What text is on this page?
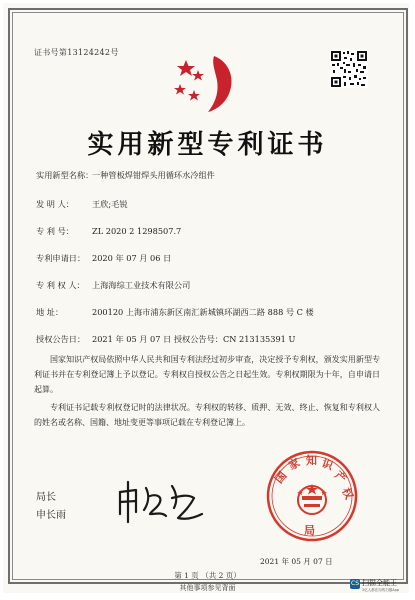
证书号第13124242号
实用新型专利证书
实用新型名称：一种管板焊钳焊头用循环水冷组件
发 明 人： 王欣;毛锐
专 利 号： ZL 2020 2 1298507.7
专利申请日： 2020 年 07 月 06 日
专 利 权 人： 上海海综工业技术有限公司
地 址：	200120 上海市浦东新区南汇新城镇环湖西二路 888 号 C 楼
授权公告日： 2021 年 05 月 07 日 授权公告号：CN 213135391 U
国家知识产权局依照中华人民共和国专利法经过初步审查，决定授予专利权，颁发实用新型专利证书并在专利登记簿上予以登记。专利权自授权公告之日起生效。专利权期限为十年，自申请日起算。
专利证书记载专利权登记时的法律状况。专利权的转移、质押、无效、终止、恢复和专利权人的姓名或名称、国籍、地址变更等事项记载在专利登记簿上。
局长
申长雨
国
家 知 识
产
权
局
2021 年 05 月 07 日
第 1 页 （共 2 页）
其他事项参见背面
CS 扫描全能王
3亿人都在用的扫描App
